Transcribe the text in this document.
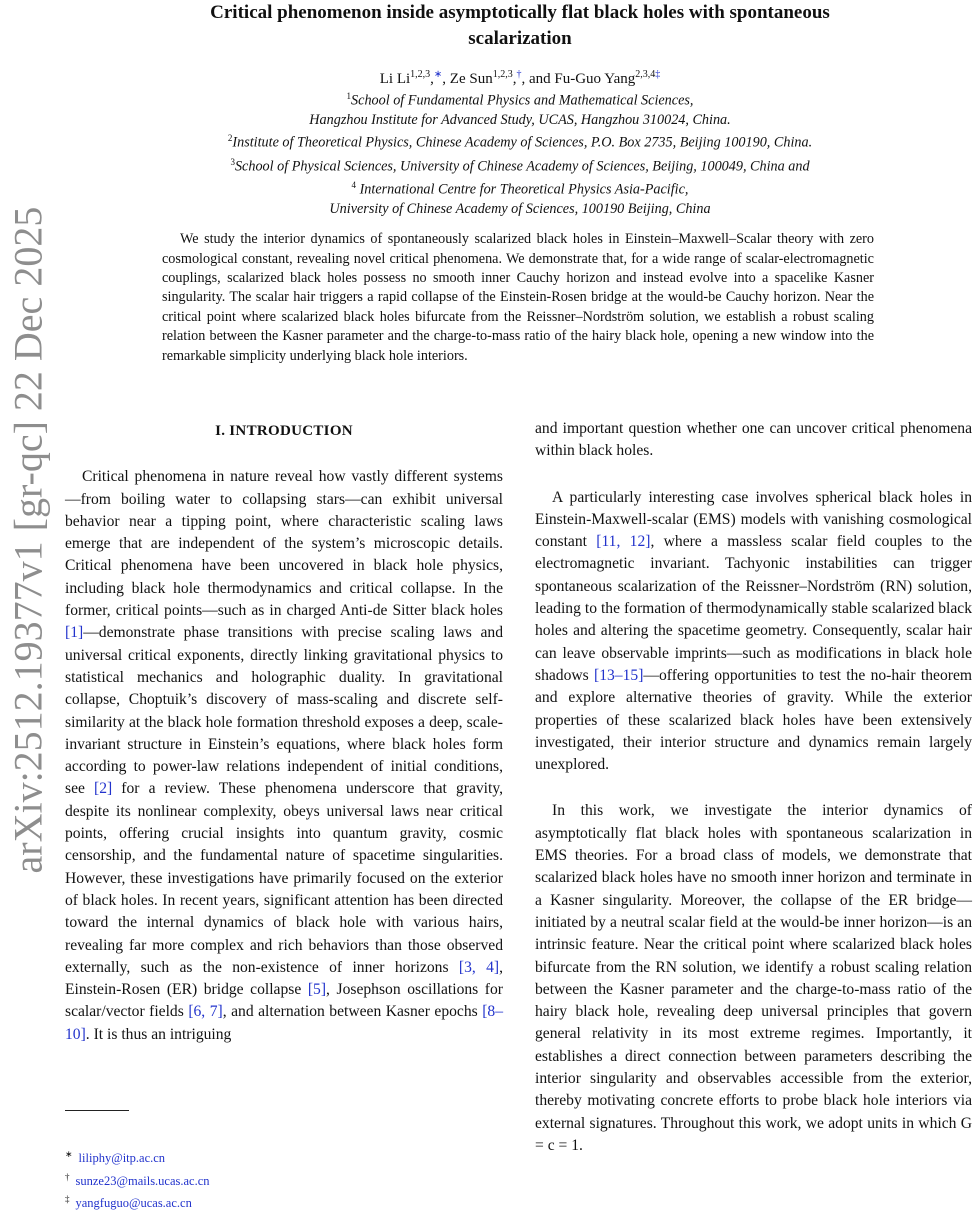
arXiv:2512.19377v1 [gr-qc] 22 Dec 2025
Critical phenomenon inside asymptotically flat black holes with spontaneous
scalarization
Li Li$^{1,2,3}$,∗, Ze Sun$^{1,2,3}$,†, and Fu-Guo Yang$^{2,3,4\ddagger}$
$^1$School of Fundamental Physics and Mathematical Sciences,
Hangzhou Institute for Advanced Study, UCAS, Hangzhou 310024, China.
$^2$Institute of Theoretical Physics, Chinese Academy of Sciences, P.O. Box 2735, Beijing 100190, China.
$^3$School of Physical Sciences, University of Chinese Academy of Sciences, Beijing, 100049, China and
$^4$ International Centre for Theoretical Physics Asia-Pacific,
University of Chinese Academy of Sciences, 100190 Beijing, China

We study the interior dynamics of spontaneously scalarized black holes in Einstein–Maxwell–Scalar theory with zero cosmological constant, revealing novel critical phenomena. We demonstrate that, for a wide range of scalar-electromagnetic couplings, scalarized black holes possess no smooth inner Cauchy horizon and instead evolve into a spacelike Kasner singularity. The scalar hair triggers a rapid collapse of the Einstein-Rosen bridge at the would-be Cauchy horizon. Near the critical point where scalarized black holes bifurcate from the Reissner–Nordström solution, we establish a robust scaling relation between the Kasner parameter and the charge-to-mass ratio of the hairy black hole, opening a new window into the remarkable simplicity underlying black hole interiors.

I. INTRODUCTION

Critical phenomena in nature reveal how vastly different systems—from boiling water to collapsing stars—can exhibit universal behavior near a tipping point, where characteristic scaling laws emerge that are independent of the system’s microscopic details. Critical phenomena have been uncovered in black hole physics, including black hole thermodynamics and critical collapse. In the former, critical points—such as in charged Anti-de Sitter black holes [1]—demonstrate phase transitions with precise scaling laws and universal critical exponents, directly linking gravitational physics to statistical mechanics and holographic duality. In gravitational collapse, Choptuik’s discovery of mass-scaling and discrete self-similarity at the black hole formation threshold exposes a deep, scale-invariant structure in Einstein’s equations, where black holes form according to power-law relations independent of initial conditions, see [2] for a review. These phenomena underscore that gravity, despite its nonlinear complexity, obeys universal laws near critical points, offering crucial insights into quantum gravity, cosmic censorship, and the fundamental nature of spacetime singularities. However, these investigations have primarily focused on the exterior of black holes. In recent years, significant attention has been directed toward the internal dynamics of black hole with various hairs, revealing far more complex and rich behaviors than those observed externally, such as the non-existence of inner horizons [3, 4], Einstein-Rosen (ER) bridge collapse [5], Josephson oscillations for scalar/vector fields [6, 7], and alternation between Kasner epochs [8–10]. It is thus an intriguing

and important question whether one can uncover critical phenomena within black holes.

A particularly interesting case involves spherical black holes in Einstein-Maxwell-scalar (EMS) models with vanishing cosmological constant [11, 12], where a massless scalar field couples to the electromagnetic invariant. Tachyonic instabilities can trigger spontaneous scalarization of the Reissner–Nordström (RN) solution, leading to the formation of thermodynamically stable scalarized black holes and altering the spacetime geometry. Consequently, scalar hair can leave observable imprints—such as modifications in black hole shadows [13–15]—offering opportunities to test the no-hair theorem and explore alternative theories of gravity. While the exterior properties of these scalarized black holes have been extensively investigated, their interior structure and dynamics remain largely unexplored.

In this work, we investigate the interior dynamics of asymptotically flat black holes with spontaneous scalarization in EMS theories. For a broad class of models, we demonstrate that scalarized black holes have no smooth inner horizon and terminate in a Kasner singularity. Moreover, the collapse of the ER bridge—initiated by a neutral scalar field at the would-be inner horizon—is an intrinsic feature. Near the critical point where scalarized black holes bifurcate from the RN solution, we identify a robust scaling relation between the Kasner parameter and the charge-to-mass ratio of the hairy black hole, revealing deep universal principles that govern general relativity in its most extreme regimes. Importantly, it establishes a direct connection between parameters describing the interior singularity and observables accessible from the exterior, thereby motivating concrete efforts to probe black hole interiors via external signatures. Throughout this work, we adopt units in which G = c = 1.

∗ liliphy@itp.ac.cn
† sunze23@mails.ucas.ac.cn
‡ yangfuguo@ucas.ac.cn
